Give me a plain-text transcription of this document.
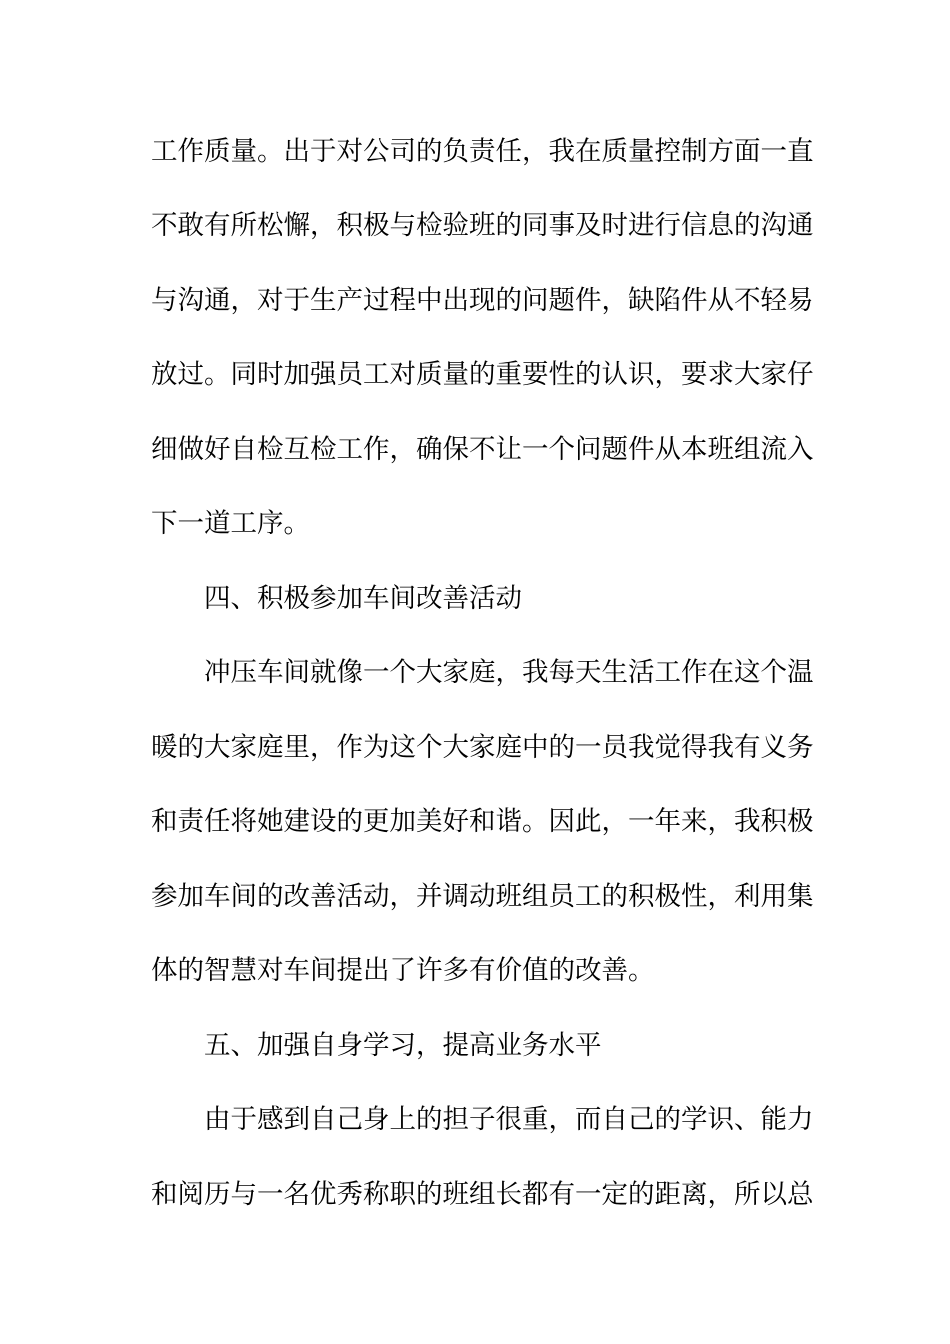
工作质量。出于对公司的负责任，我在质量控制方面一直
不敢有所松懈，积极与检验班的同事及时进行信息的沟通
与沟通，对于生产过程中出现的问题件，缺陷件从不轻易
放过。同时加强员工对质量的重要性的认识，要求大家仔
细做好自检互检工作，确保不让一个问题件从本班组流入
下一道工序。
四、积极参加车间改善活动
冲压车间就像一个大家庭，我每天生活工作在这个温
暖的大家庭里，作为这个大家庭中的一员我觉得我有义务
和责任将她建设的更加美好和谐。因此，一年来，我积极
参加车间的改善活动，并调动班组员工的积极性，利用集
体的智慧对车间提出了许多有价值的改善。
五、加强自身学习，提高业务水平
由于感到自己身上的担子很重，而自己的学识、能力
和阅历与一名优秀称职的班组长都有一定的距离，所以总
